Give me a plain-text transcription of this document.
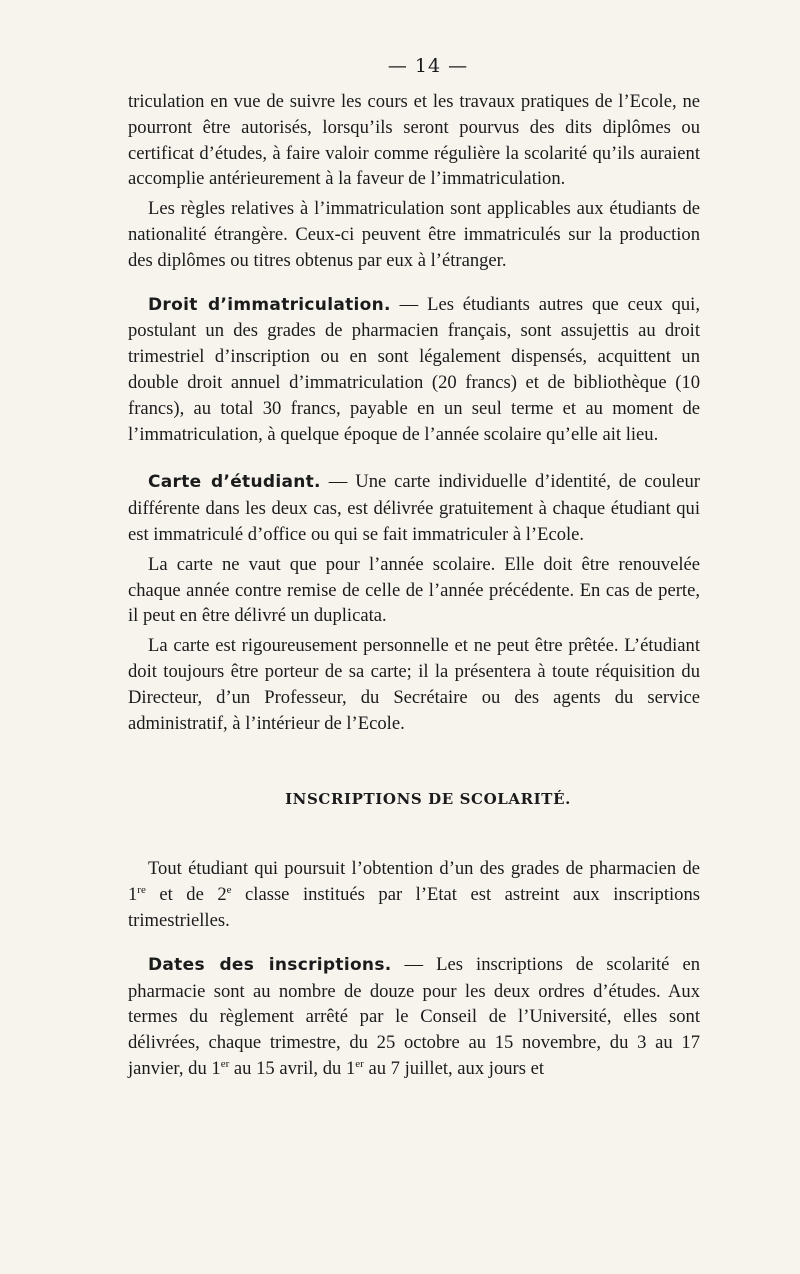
— 14 —

triculation en vue de suivre les cours et les travaux pratiques de l’Ecole, ne pourront être autorisés, lorsqu’ils seront pourvus des dits diplômes ou certificat d’études, à faire valoir comme régulière la scolarité qu’ils auraient accomplie antérieurement à la faveur de l’immatriculation.

Les règles relatives à l’immatriculation sont applicables aux étudiants de nationalité étrangère. Ceux-ci peuvent être immatriculés sur la production des diplômes ou titres obtenus par eux à l’étranger.

Droit d’immatriculation. — Les étudiants autres que ceux qui, postulant un des grades de pharmacien français, sont assujettis au droit trimestriel d’inscription ou en sont légalement dispensés, acquittent un double droit annuel d’immatriculation (20 francs) et de bibliothèque (10 francs), au total 30 francs, payable en un seul terme et au moment de l’immatriculation, à quelque époque de l’année scolaire qu’elle ait lieu.

Carte d’étudiant. — Une carte individuelle d’identité, de couleur différente dans les deux cas, est délivrée gratuitement à chaque étudiant qui est immatriculé d’office ou qui se fait immatriculer à l’Ecole.

La carte ne vaut que pour l’année scolaire. Elle doit être renouvelée chaque année contre remise de celle de l’année précédente. En cas de perte, il peut en être délivré un duplicata.

La carte est rigoureusement personnelle et ne peut être prêtée. L’étudiant doit toujours être porteur de sa carte; il la présentera à toute réquisition du Directeur, d’un Professeur, du Secrétaire ou des agents du service administratif, à l’intérieur de l’Ecole.

INSCRIPTIONS DE SCOLARITÉ.

Tout étudiant qui poursuit l’obtention d’un des grades de pharmacien de 1re et de 2e classe institués par l’Etat est astreint aux inscriptions trimestrielles.

Dates des inscriptions. — Les inscriptions de scolarité en pharmacie sont au nombre de douze pour les deux ordres d’études. Aux termes du règlement arrêté par le Conseil de l’Université, elles sont délivrées, chaque trimestre, du 25 octobre au 15 novembre, du 3 au 17 janvier, du 1er au 15 avril, du 1er au 7 juillet, aux jours et
